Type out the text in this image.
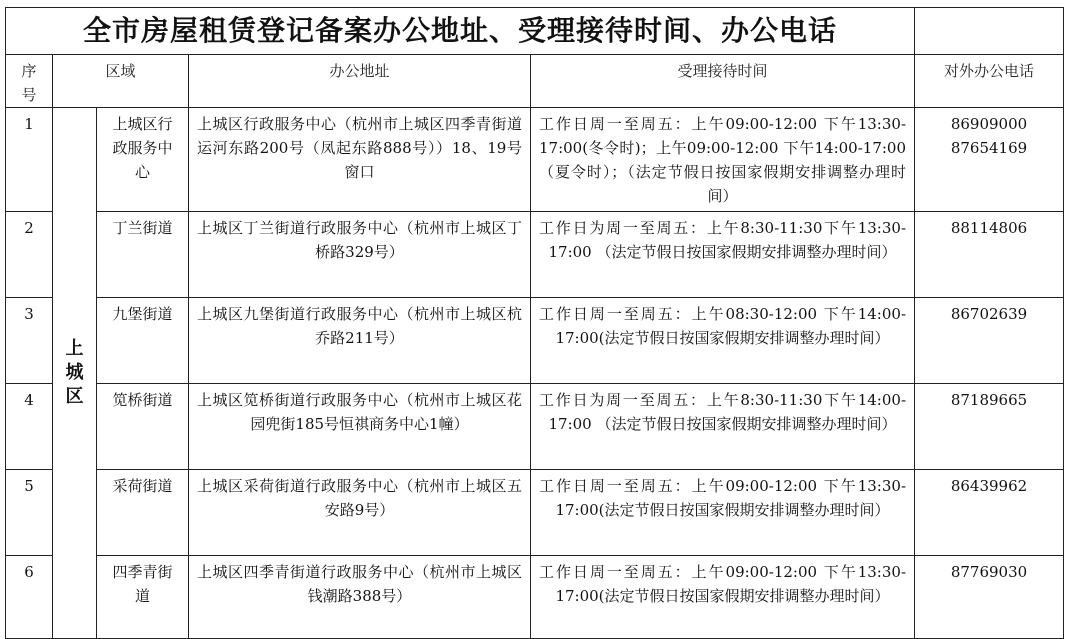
全市房屋租赁登记备案办公地址、受理接待时间、办公电话					

序号	区域		办公地址	受理接待时间	对外办公电话

1	上城区	上城区行政服务中心	上城区行政服务中心（杭州市上城区四季青街道运河东路200号（凤起东路888号））18、19号窗口	工作日周一至周五：上午09:00-12:00 下午13:30-17:00(冬令时)；上午09:00-12:00 下午14:00-17:00（夏令时）；（法定节假日按国家假期安排调整办理时间）	86909000
87654169

2		丁兰街道	上城区丁兰街道行政服务中心（杭州市上城区丁桥路329号）	工作日为周一至周五：上午8:30-11:30下午13:30-17:00 （法定节假日按国家假期安排调整办理时间）	88114806

3		九堡街道	上城区九堡街道行政服务中心（杭州市上城区杭乔路211号）	工作日周一至周五：上午08:30-12:00 下午14:00-17:00(法定节假日按国家假期安排调整办理时间）	86702639

4		笕桥街道	上城区笕桥街道行政服务中心（杭州市上城区花园兜街185号恒祺商务中心1幢）	工作日为周一至周五：上午8:30-11:30下午14:00-17:00 （法定节假日按国家假期安排调整办理时间）	87189665

5		采荷街道	上城区采荷街道行政服务中心（杭州市上城区五安路9号）	工作日周一至周五：上午09:00-12:00 下午13:30-17:00(法定节假日按国家假期安排调整办理时间）	86439962

6		四季青街道	上城区四季青街道行政服务中心（杭州市上城区钱潮路388号）	工作日周一至周五：上午09:00-12:00 下午13:30-17:00(法定节假日按国家假期安排调整办理时间）	87769030
